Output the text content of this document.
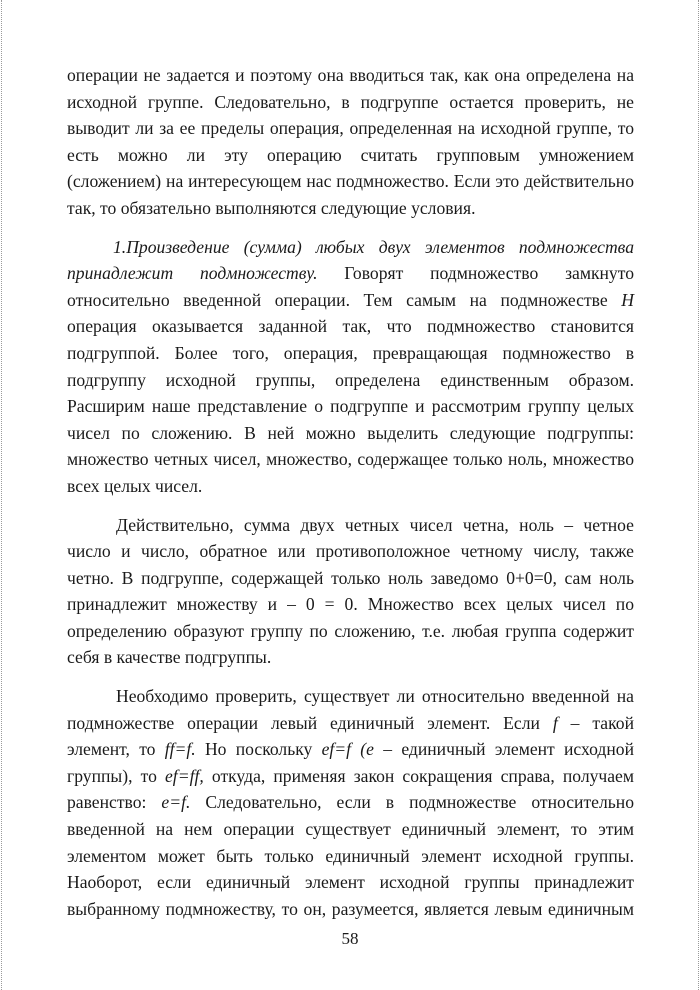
операции не задается и поэтому она вводиться так, как она определена на
исходной группе. Следовательно, в подгруппе остается проверить, не
выводит ли за ее пределы операция, определенная на исходной группе, то
есть можно ли эту операцию считать групповым умножением
(сложением) на интересующем нас подмножество. Если это действительно
так, то обязательно выполняются следующие условия.

1.Произведение (сумма) любых двух элементов подмножества
принадлежит подмножеству. Говорят подмножество замкнуто
относительно введенной операции. Тем самым на подмножестве H
операция оказывается заданной так, что подмножество становится
подгруппой. Более того, операция, превращающая подмножество в
подгруппу исходной группы, определена единственным образом.
Расширим наше представление о подгруппе и рассмотрим группу целых
чисел по сложению. В ней можно выделить следующие подгруппы:
множество четных чисел, множество, содержащее только ноль, множество
всех целых чисел.

Действительно, сумма двух четных чисел четна, ноль – четное
число и число, обратное или противоположное четному числу, также
четно. В подгруппе, содержащей только ноль заведомо 0+0=0, сам ноль
принадлежит множеству и – 0 = 0. Множество всех целых чисел по
определению образуют группу по сложению, т.е. любая группа содержит
себя в качестве подгруппы.

Необходимо проверить, существует ли относительно введенной на
подмножестве операции левый единичный элемент. Если f – такой
элемент, то ff=f. Но поскольку ef=f (e – единичный элемент исходной
группы), то ef=ff, откуда, применяя закон сокращения справа, получаем
равенство: e=f. Следовательно, если в подмножестве относительно
введенной на нем операции существует единичный элемент, то этим
элементом может быть только единичный элемент исходной группы.
Наоборот, если единичный элемент исходной группы принадлежит
выбранному подмножеству, то он, разумеется, является левым единичным

58
